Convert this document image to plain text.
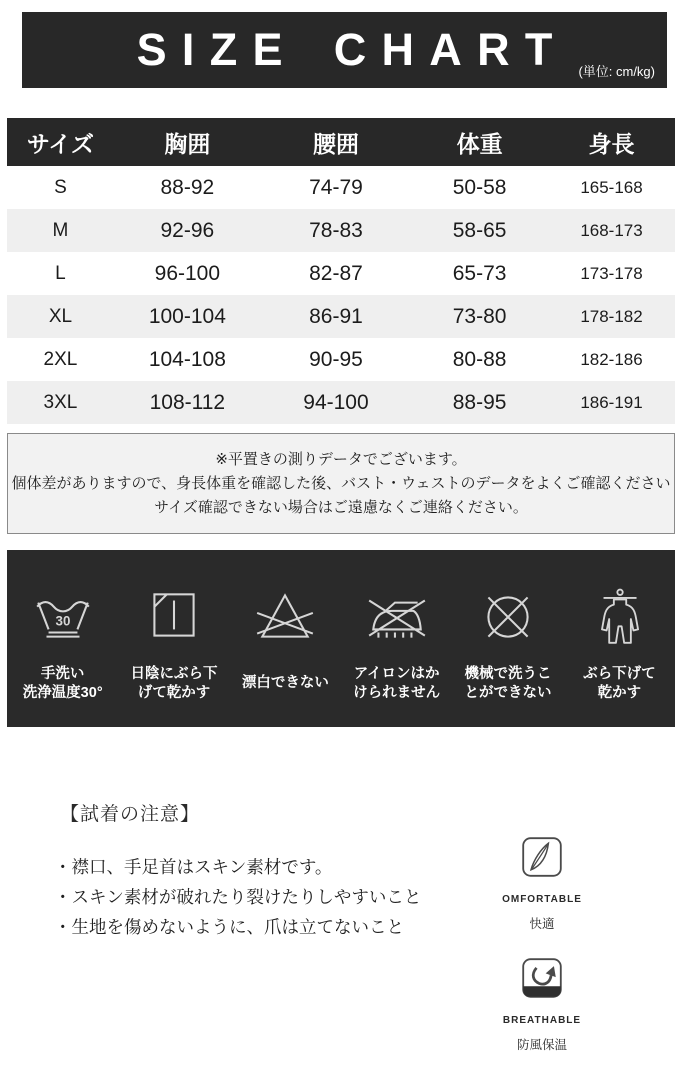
SIZE CHART (単位: cm/kg)
サイズ	胸囲	腰囲	体重	身長
S	88-92	74-79	50-58	165-168
M	92-96	78-83	58-65	168-173
L	96-100	82-87	65-73	173-178
XL	100-104	86-91	73-80	178-182
2XL	104-108	90-95	80-88	182-186
3XL	108-112	94-100	88-95	186-191
※平置きの測りデータでございます。
個体差がありますので、身長体重を確認した後、バスト・ウェストのデータをよくご確認ください
サイズ確認できない場合はご遠慮なくご連絡ください。
30
手洗い
洗浄温度30°
日陰にぶら下
げて乾かす
漂白できない
アイロンはか
けられません
機械で洗うこ
とができない
ぶら下げて
乾かす
【試着の注意】
・襟口、手足首はスキン素材です。
・スキン素材が破れたり裂けたりしやすいこと
・生地を傷めないように、爪は立てないこと
OMFORTABLE
快適
BREATHABLE
防風保温
